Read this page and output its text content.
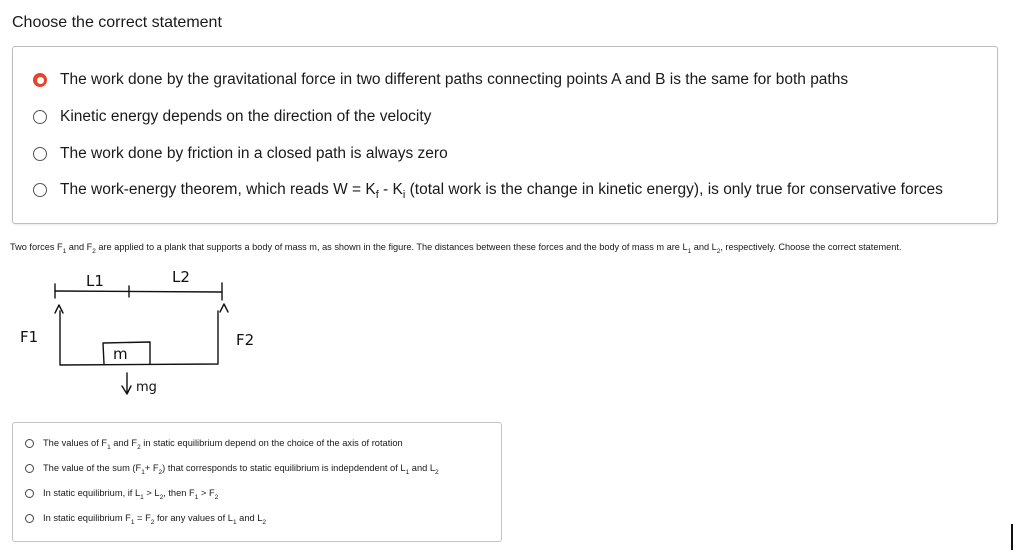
Choose the correct statement
The work done by the gravitational force in two different paths connecting points A and B is the same for both paths
Kinetic energy depends on the direction of the velocity
The work done by friction in a closed path is always zero
The work-energy theorem, which reads $W = K_f - K_i$ (total work is the change in kinetic energy), is only true for conservative forces
Two forces $F_1$ and $F_2$ are applied to a plank that supports a body of mass m, as shown in the figure. The distances between these forces and the body of mass m are $L_1$ and $L_2$, respectively. Choose the correct statement.
L1	L2
F1	F2
m
mg
The values of $F_1$ and $F_2$ in static equilibrium depend on the choice of the axis of rotation
The value of the sum $(F_1+ F_2)$ that corresponds to static equilibrium is indepdendent of $L_1$ and $L_2$
In static equilibrium, if $L_1 > L_2$, then $F_1 > F_2$
In static equilibrium $F_1 = F_2$ for any values of $L_1$ and $L_2$
